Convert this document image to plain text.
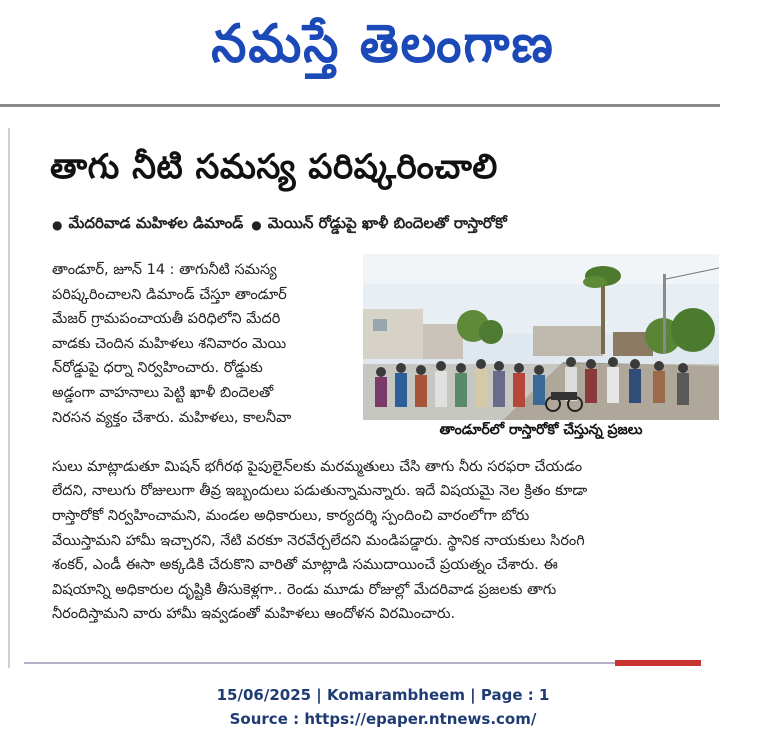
నమస్తే తెలంగాణ
తాగు నీటి సమస్య పరిష్కరించాలి
● మేదరివాడ మహిళల డిమాండ్ ● మెయిన్ రోడ్డుపై ఖాళీ బిందెలతో రాస్తారోకో
తాండూర్, జూన్ 14 : తాగునీటి సమస్య
పరిష్కరించాలని డిమాండ్ చేస్తూ తాండూర్
మేజర్ గ్రామపంచాయతీ పరిధిలోని మేదరి
వాడకు చెందిన మహిళలు శనివారం మెయి
న్‌రోడ్డుపై ధర్నా నిర్వహించారు. రోడ్డుకు
అడ్డంగా వాహనాలు పెట్టి ఖాళీ బిందెలతో
నిరసన వ్యక్తం చేశారు. మహిళలు, కాలనీవా
సులు మాట్లాడుతూ మిషన్ భగీరథ పైపులైన్‌లకు మరమ్మతులు చేసి తాగు నీరు సరఫరా చేయడం
లేదని, నాలుగు రోజులుగా తీవ్ర ఇబ్బందులు పడుతున్నామన్నారు. ఇదే విషయమై నెల క్రితం కూడా
రాస్తారోకో నిర్వహించామని, మండల అధికారులు, కార్యదర్శి స్పందించి వారంలోగా బోరు
వేయిస్తామని హామీ ఇచ్చారని, నేటి వరకూ నెరవేర్చలేదని మండిపడ్డారు. స్థానిక నాయకులు సిరంగి
శంకర్, ఎండీ ఈసా అక్కడికి చేరుకొని వారితో మాట్లాడి సముదాయించే ప్రయత్నం చేశారు. ఈ
విషయాన్ని అధికారుల దృష్టికి తీసుకెళ్లగా.. రెండు మూడు రోజుల్లో మేదరివాడ ప్రజలకు తాగు
నీరందిస్తామని వారు హామీ ఇవ్వడంతో మహిళలు ఆందోళన విరమించారు.
తాండూర్‌లో రాస్తారోకో చేస్తున్న ప్రజలు
15/06/2025 | Komarambheem | Page : 1
Source : https://epaper.ntnews.com/
